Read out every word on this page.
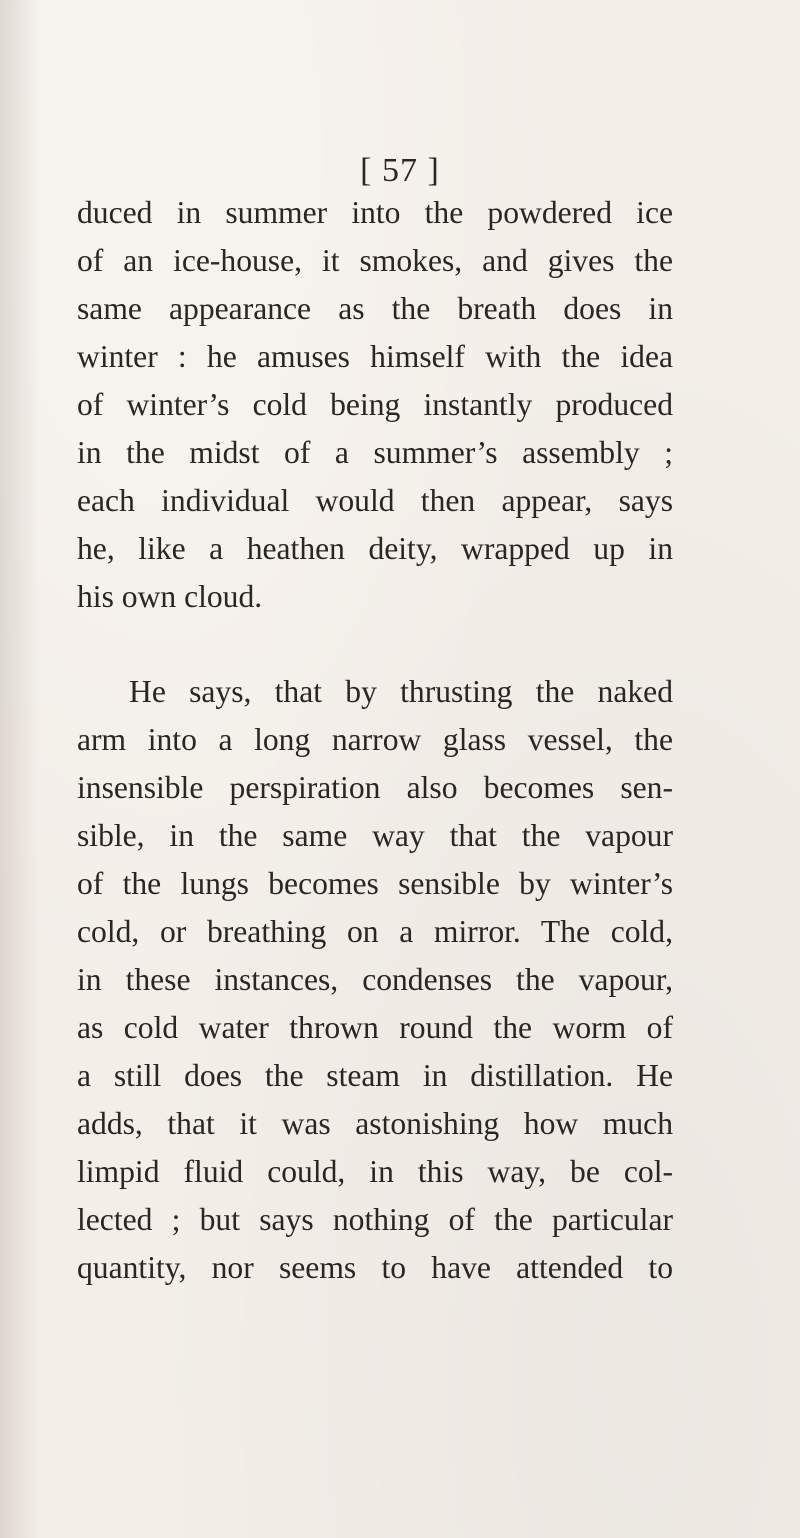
[ 57 ]
duced in summer into the powdered ice
of an ice-house, it smokes, and gives the
same appearance as the breath does in
winter : he amuses himself with the idea
of winter’s cold being instantly produced
in the midst of a summer’s assembly ;
each individual would then appear, says
he, like a heathen deity, wrapped up in
his own cloud.
He says, that by thrusting the naked
arm into a long narrow glass vessel, the
insensible perspiration also becomes sen-
sible, in the same way that the vapour
of the lungs becomes sensible by winter’s
cold, or breathing on a mirror. The cold,
in these instances, condenses the vapour,
as cold water thrown round the worm of
a still does the steam in distillation. He
adds, that it was astonishing how much
limpid fluid could, in this way, be col-
lected ; but says nothing of the particular
quantity, nor seems to have attended to
